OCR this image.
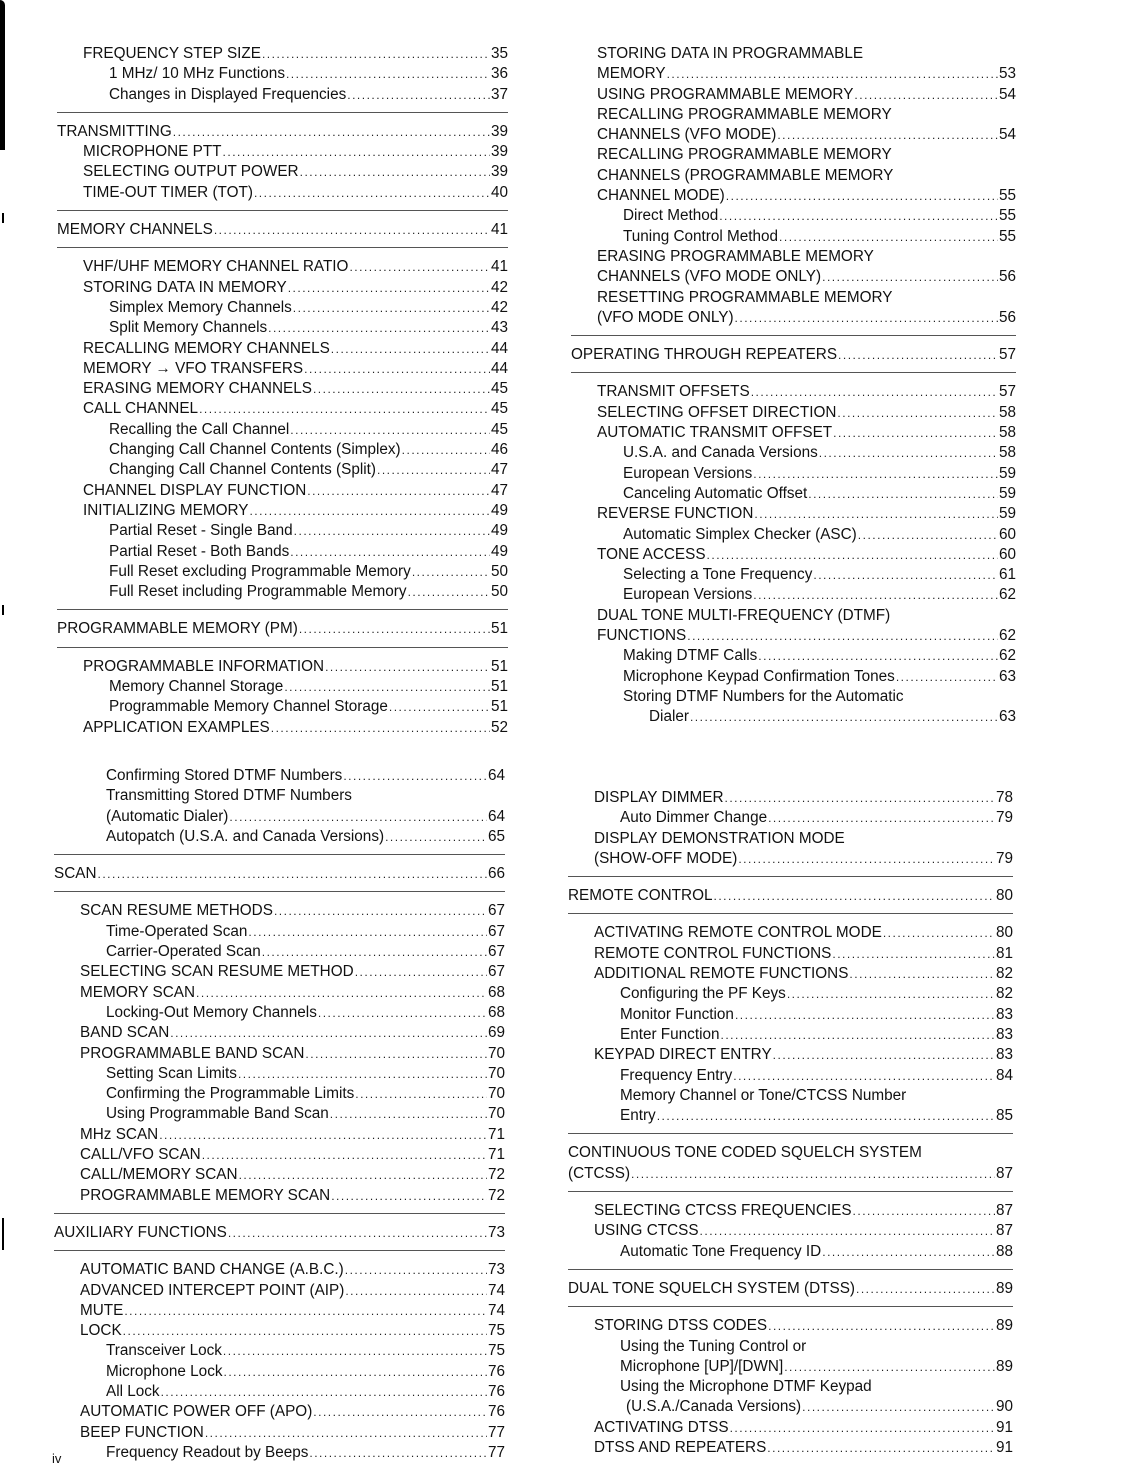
FREQUENCY STEP SIZE .....	35
1 MHz/ 10 MHz Functions .....	36
Changes in Displayed Frequencies .....	37
TRANSMITTING .....	39
MICROPHONE PTT .....	39
SELECTING OUTPUT POWER .....	39
TIME-OUT TIMER (TOT) .....	40
MEMORY CHANNELS .....	41
VHF/UHF MEMORY CHANNEL RATIO .....	41
STORING DATA IN MEMORY .....	42
Simplex Memory Channels .....	42
Split Memory Channels .....	43
RECALLING MEMORY CHANNELS .....	44
MEMORY → VFO TRANSFERS .....	44
ERASING MEMORY CHANNELS .....	45
CALL CHANNEL .....	45
Recalling the Call Channel .....	45
Changing Call Channel Contents (Simplex) .....	46
Changing Call Channel Contents (Split) .....	47
CHANNEL DISPLAY FUNCTION .....	47
INITIALIZING MEMORY .....	49
Partial Reset - Single Band .....	49
Partial Reset - Both Bands .....	49
Full Reset excluding Programmable Memory .....	50
Full Reset including Programmable Memory .....	50
PROGRAMMABLE MEMORY (PM) .....	51
PROGRAMMABLE INFORMATION .....	51
Memory Channel Storage .....	51
Programmable Memory Channel Storage .....	51
APPLICATION EXAMPLES .....	52
STORING DATA IN PROGRAMMABLE
MEMORY .....	53
USING PROGRAMMABLE MEMORY .....	54
RECALLING PROGRAMMABLE MEMORY
CHANNELS (VFO MODE) .....	54
RECALLING PROGRAMMABLE MEMORY
CHANNELS (PROGRAMMABLE MEMORY
CHANNEL MODE) .....	55
Direct Method .....	55
Tuning Control Method .....	55
ERASING PROGRAMMABLE MEMORY
CHANNELS (VFO MODE ONLY) .....	56
RESETTING PROGRAMMABLE MEMORY
(VFO MODE ONLY) .....	56
OPERATING THROUGH REPEATERS .....	57
TRANSMIT OFFSETS .....	57
SELECTING OFFSET DIRECTION .....	58
AUTOMATIC TRANSMIT OFFSET .....	58
U.S.A. and Canada Versions .....	58
European Versions .....	59
Canceling Automatic Offset .....	59
REVERSE FUNCTION .....	59
Automatic Simplex Checker (ASC) .....	60
TONE ACCESS .....	60
Selecting a Tone Frequency .....	61
European Versions .....	62
DUAL TONE MULTI-FREQUENCY (DTMF)
FUNCTIONS .....	62
Making DTMF Calls .....	62
Microphone Keypad Confirmation Tones .....	63
Storing DTMF Numbers for the Automatic
Dialer .....	63
Confirming Stored DTMF Numbers .....	64
Transmitting Stored DTMF Numbers
(Automatic Dialer) .....	64
Autopatch (U.S.A. and Canada Versions) .....	65
SCAN .....	66
SCAN RESUME METHODS .....	67
Time-Operated Scan .....	67
Carrier-Operated Scan .....	67
SELECTING SCAN RESUME METHOD .....	67
MEMORY SCAN .....	68
Locking-Out Memory Channels .....	68
BAND SCAN .....	69
PROGRAMMABLE BAND SCAN .....	70
Setting Scan Limits .....	70
Confirming the Programmable Limits .....	70
Using Programmable Band Scan .....	70
MHz SCAN .....	71
CALL/VFO SCAN .....	71
CALL/MEMORY SCAN .....	72
PROGRAMMABLE MEMORY SCAN .....	72
AUXILIARY FUNCTIONS .....	73
AUTOMATIC BAND CHANGE (A.B.C.) .....	73
ADVANCED INTERCEPT POINT (AIP) .....	74
MUTE .....	74
LOCK .....	75
Transceiver Lock .....	75
Microphone Lock .....	76
All Lock .....	76
AUTOMATIC POWER OFF (APO) .....	76
BEEP FUNCTION .....	77
Frequency Readout by Beeps .....	77
DISPLAY DIMMER .....	78
Auto Dimmer Change .....	79
DISPLAY DEMONSTRATION MODE
(SHOW-OFF MODE) .....	79
REMOTE CONTROL .....	80
ACTIVATING REMOTE CONTROL MODE .....	80
REMOTE CONTROL FUNCTIONS .....	81
ADDITIONAL REMOTE FUNCTIONS .....	82
Configuring the PF Keys .....	82
Monitor Function .....	83
Enter Function .....	83
KEYPAD DIRECT ENTRY .....	83
Frequency Entry .....	84
Memory Channel or Tone/CTCSS Number
Entry .....	85
CONTINUOUS TONE CODED SQUELCH SYSTEM
(CTCSS) .....	87
SELECTING CTCSS FREQUENCIES .....	87
USING CTCSS .....	87
Automatic Tone Frequency ID .....	88
DUAL TONE SQUELCH SYSTEM (DTSS) .....	89
STORING DTSS CODES .....	89
Using the Tuning Control or
Microphone [UP]/[DWN] .....	89
Using the Microphone DTMF Keypad
(U.S.A./Canada Versions) .....	90
ACTIVATING DTSS .....	91
DTSS AND REPEATERS .....	91
iv
